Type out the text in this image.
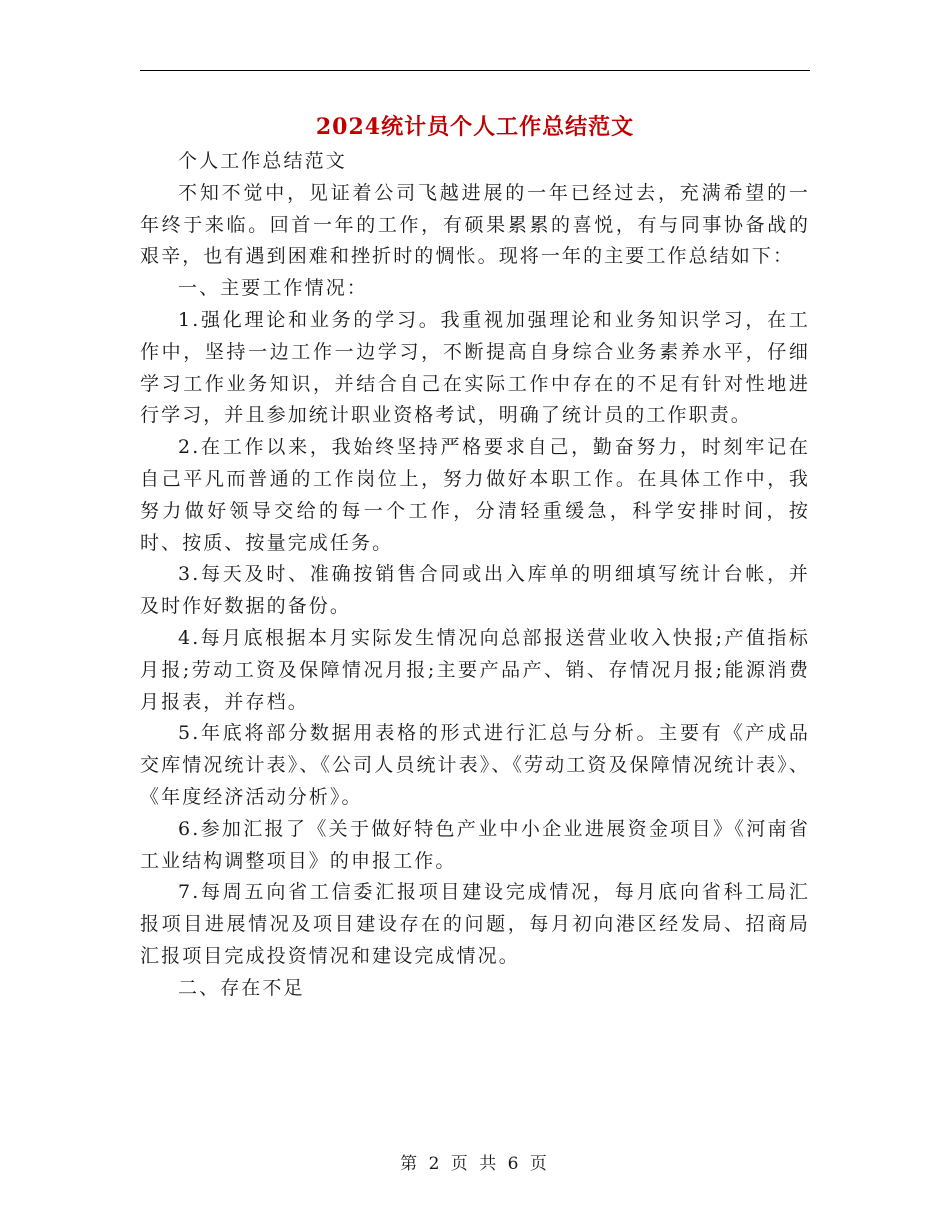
2024统计员个人工作总结范文

个人工作总结范文

不知不觉中，见证着公司飞越进展的一年已经过去，充满希望的一年终于来临。回首一年的工作，有硕果累累的喜悦，有与同事协备战的艰辛，也有遇到困难和挫折时的惆怅。现将一年的主要工作总结如下：

一、主要工作情况：

1.强化理论和业务的学习。我重视加强理论和业务知识学习，在工作中，坚持一边工作一边学习，不断提高自身综合业务素养水平，仔细学习工作业务知识，并结合自己在实际工作中存在的不足有针对性地进行学习，并且参加统计职业资格考试，明确了统计员的工作职责。

2.在工作以来，我始终坚持严格要求自己，勤奋努力，时刻牢记在自己平凡而普通的工作岗位上，努力做好本职工作。在具体工作中，我努力做好领导交给的每一个工作，分清轻重缓急，科学安排时间，按时、按质、按量完成任务。

3.每天及时、准确按销售合同或出入库单的明细填写统计台帐，并及时作好数据的备份。

4.每月底根据本月实际发生情况向总部报送营业收入快报;产值指标月报;劳动工资及保障情况月报;主要产品产、销、存情况月报;能源消费月报表，并存档。

5.年底将部分数据用表格的形式进行汇总与分析。主要有《产成品交库情况统计表》、《公司人员统计表》、《劳动工资及保障情况统计表》、《年度经济活动分析》。

6.参加汇报了《关于做好特色产业中小企业进展资金项目》《河南省工业结构调整项目》的申报工作。

7.每周五向省工信委汇报项目建设完成情况，每月底向省科工局汇报项目进展情况及项目建设存在的问题，每月初向港区经发局、招商局汇报项目完成投资情况和建设完成情况。

二、存在不足

第 2 页 共 6 页
